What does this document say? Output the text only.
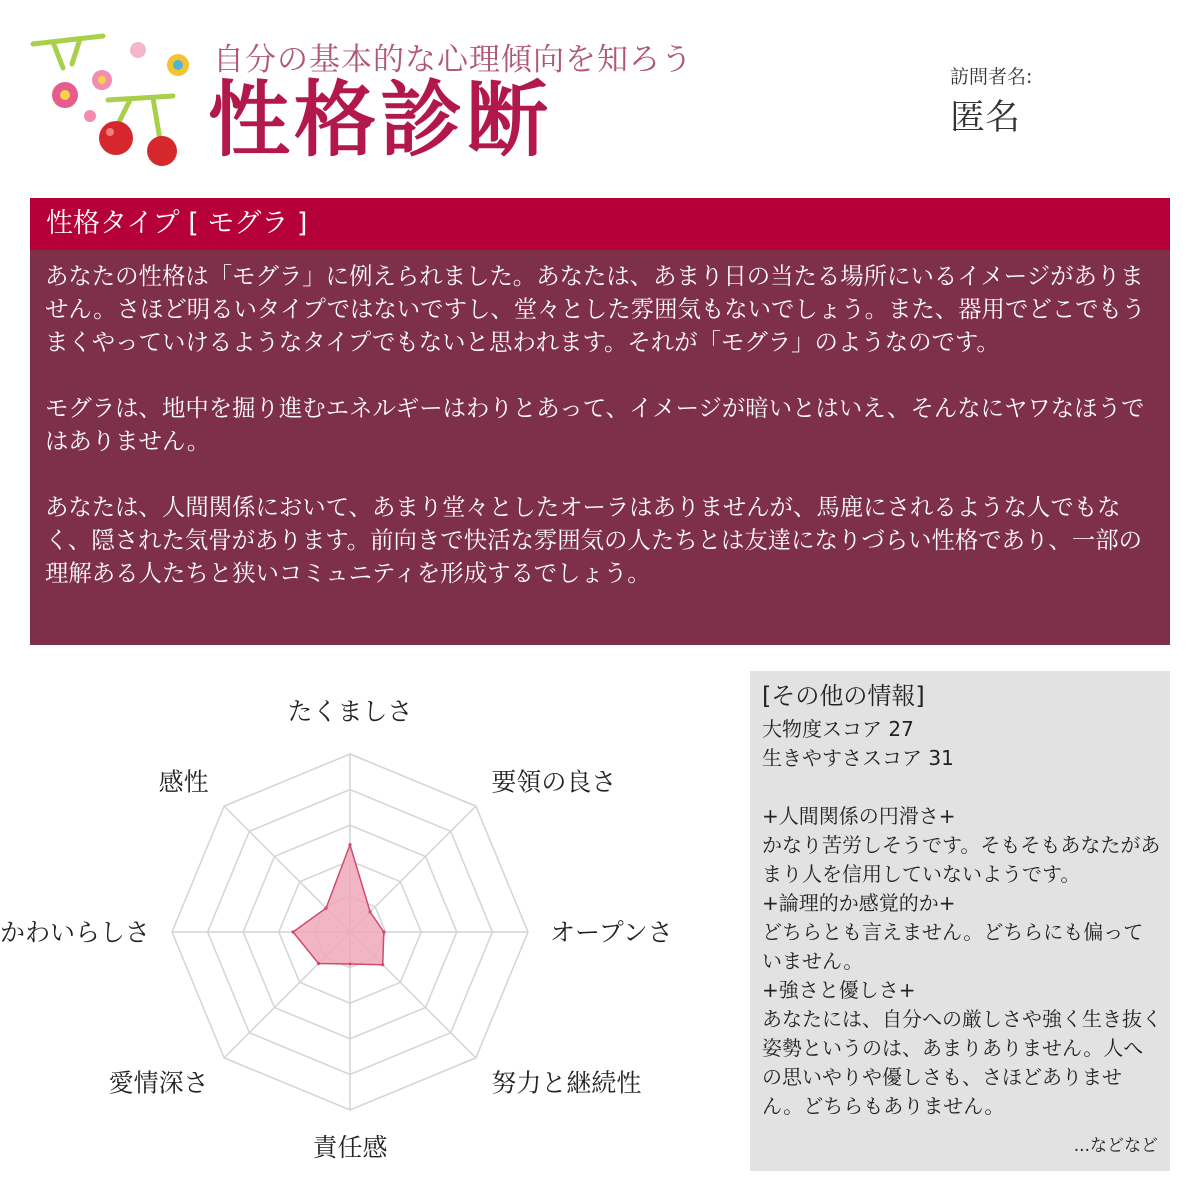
自分の基本的な心理傾向を知ろう
性格診断	訪問者名:
匿名
性格タイプ [ モグラ ]

あなたの性格は「モグラ」に例えられました。あなたは、あまり日の当たる場所にいるイメージがありません。さほど明るいタイプではないですし、堂々とした雰囲気もないでしょう。また、器用でどこでもうまくやっていけるようなタイプでもないと思われます。それが「モグラ」のようなのです。

モグラは、地中を掘り進むエネルギーはわりとあって、イメージが暗いとはいえ、そんなにヤワなほうではありません。

あなたは、人間関係において、あまり堂々としたオーラはありませんが、馬鹿にされるような人でもなく、隠された気骨があります。前向きで快活な雰囲気の人たちとは友達になりづらい性格であり、一部の理解ある人たちと狭いコミュニティを形成するでしょう。

たくましさ
要領の良さ
オープンさ
努力と継続性
責任感
愛情深さ
かわいらしさ
感性
[その他の情報]
大物度スコア 27
生きやすさスコア 31
+人間関係の円滑さ+
かなり苦労しそうです。そもそもあなたがあまり人を信用していないようです。
+論理的か感覚的か+
どちらとも言えません。どちらにも偏っていません。
+強さと優しさ+
あなたには、自分への厳しさや強く生き抜く姿勢というのは、あまりありません。人への思いやりや優しさも、さほどありません。どちらもありません。
...などなど
